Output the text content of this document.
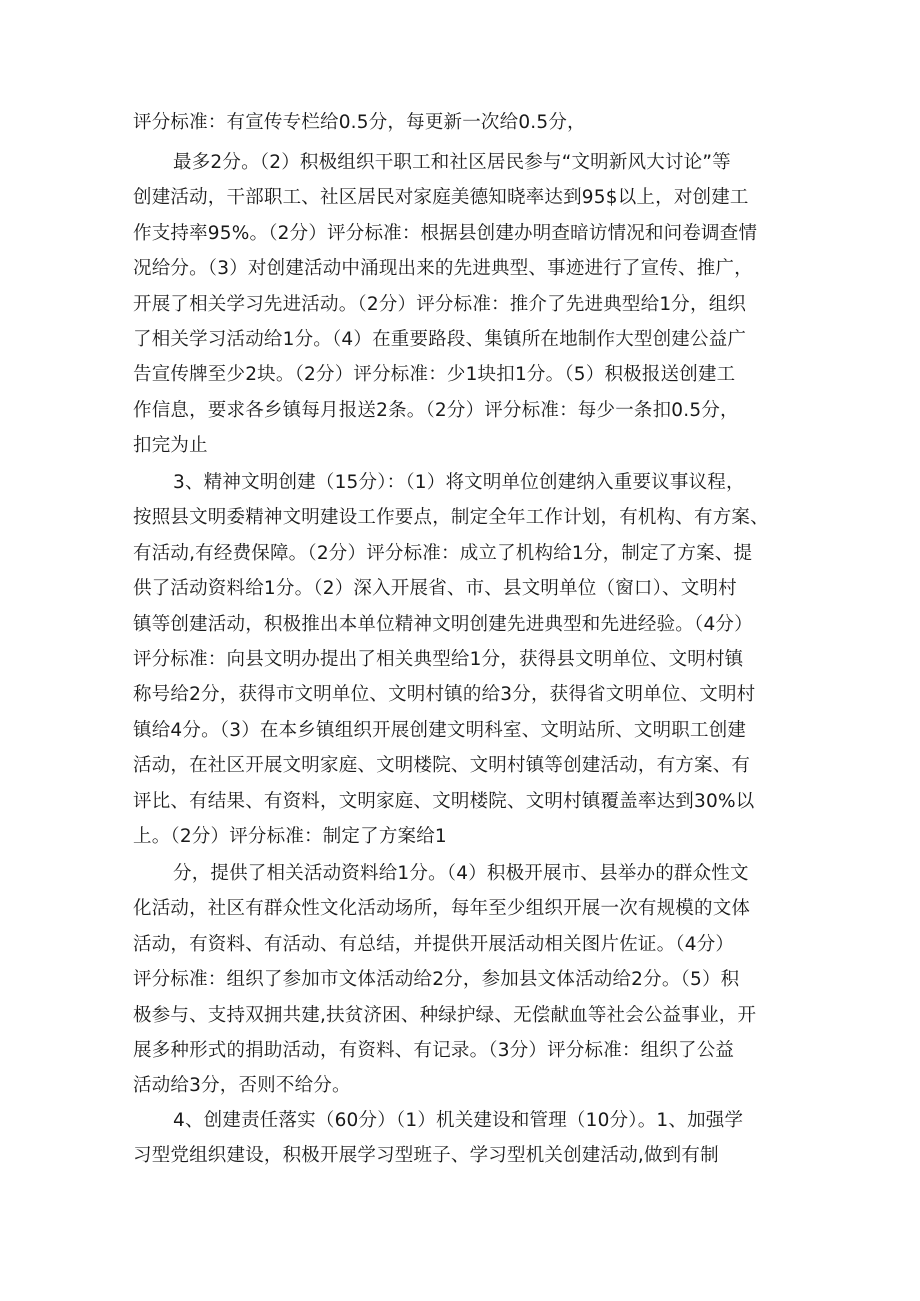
评分标准：有宣传专栏给0.5分，每更新一次给0.5分，
最多2分。（2）积极组织干职工和社区居民参与“文明新风大讨论”等
创建活动，干部职工、社区居民对家庭美德知晓率达到95$以上，对创建工
作支持率95%。（2分）评分标准：根据县创建办明查暗访情况和问卷调查情
况给分。（3）对创建活动中涌现出来的先进典型、事迹进行了宣传、推广，
开展了相关学习先进活动。（2分）评分标准：推介了先进典型给1分，组织
了相关学习活动给1分。（4）在重要路段、集镇所在地制作大型创建公益广
告宣传牌至少2块。（2分）评分标准：少1块扣1分。（5）积极报送创建工
作信息，要求各乡镇每月报送2条。（2分）评分标准：每少一条扣0.5分，
扣完为止
3、精神文明创建（15分）：（1）将文明单位创建纳入重要议事议程，
按照县文明委精神文明建设工作要点，制定全年工作计划，有机构、有方案、
有活动,有经费保障。（2分）评分标准：成立了机构给1分，制定了方案、提
供了活动资料给1分。（2）深入开展省、市、县文明单位（窗口）、文明村
镇等创建活动，积极推出本单位精神文明创建先进典型和先进经验。（4分）
评分标准：向县文明办提出了相关典型给1分，获得县文明单位、文明村镇
称号给2分，获得市文明单位、文明村镇的给3分，获得省文明单位、文明村
镇给4分。（3）在本乡镇组织开展创建文明科室、文明站所、文明职工创建
活动，在社区开展文明家庭、文明楼院、文明村镇等创建活动，有方案、有
评比、有结果、有资料，文明家庭、文明楼院、文明村镇覆盖率达到30%以
上。（2分）评分标准：制定了方案给1
分，提供了相关活动资料给1分。（4）积极开展市、县举办的群众性文
化活动，社区有群众性文化活动场所，每年至少组织开展一次有规模的文体
活动，有资料、有活动、有总结，并提供开展活动相关图片佐证。（4分）
评分标准：组织了参加市文体活动给2分，参加县文体活动给2分。（5）积
极参与、支持双拥共建,扶贫济困、种绿护绿、无偿献血等社会公益事业，开
展多种形式的捐助活动，有资料、有记录。（3分）评分标准：组织了公益
活动给3分，否则不给分。
4、创建责任落实（60分）（1）机关建设和管理（10分）。1、加强学
习型党组织建设，积极开展学习型班子、学习型机关创建活动,做到有制
